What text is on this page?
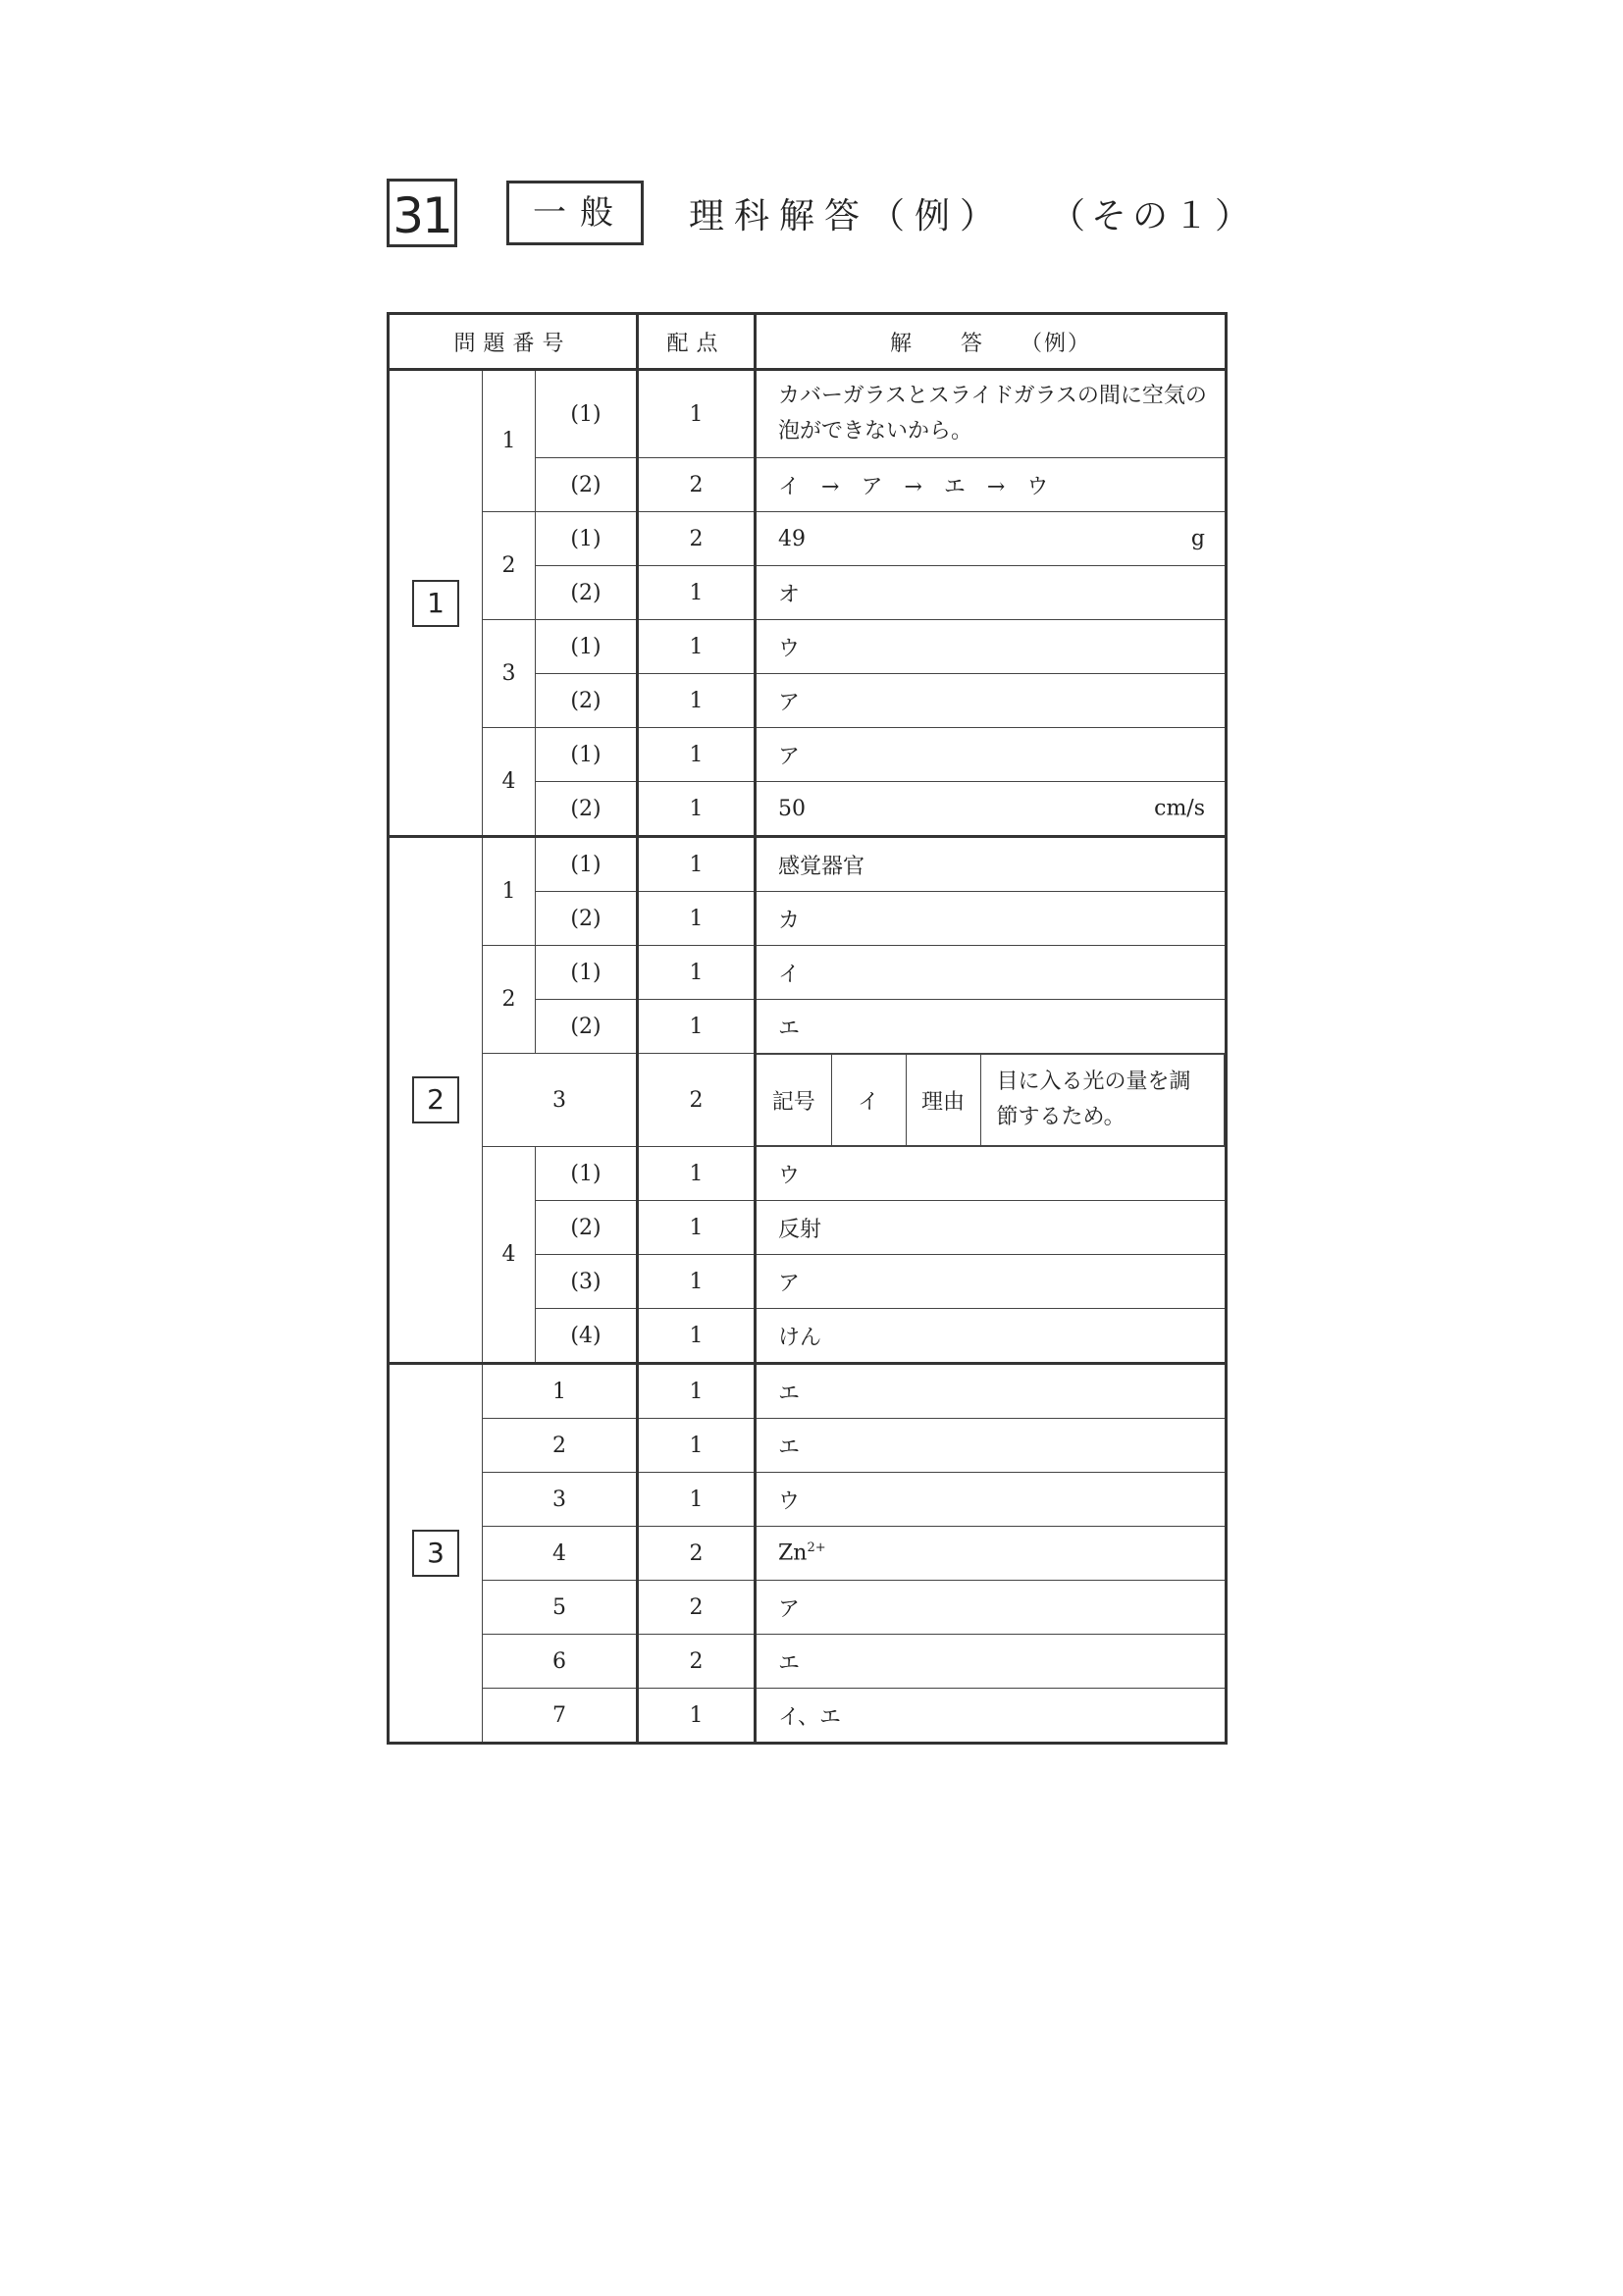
31	一般	理科解答（例） （その１）
問題番号	配点	解　　答　　（例）
1	1	(1)	1	カバーガラスとスライドガラスの間に空気の泡ができないから。
(2)	2	イ　→　ア　→　エ　→　ウ
2	(1)	2	49	g

(2)	1	オ
3	(1)	1	ウ
(2)	1	ア
4	(1)	1	ア
(2)	1	50	cm/s

2	1	(1)	1	感覚器官
(2)	1	カ
2	(1)	1	イ
(2)	1	エ
3	2		記号	イ	理由	目に入る光の量を調節するため。

4	(1)	1	ウ
(2)	1	反射
(3)	1	ア
(4)	1	けん
3	1	1	エ
2	1	エ
3	1	ウ
4	2	$Zn^{2+}$
5	2	ア
6	2	エ
7	1	イ、エ
